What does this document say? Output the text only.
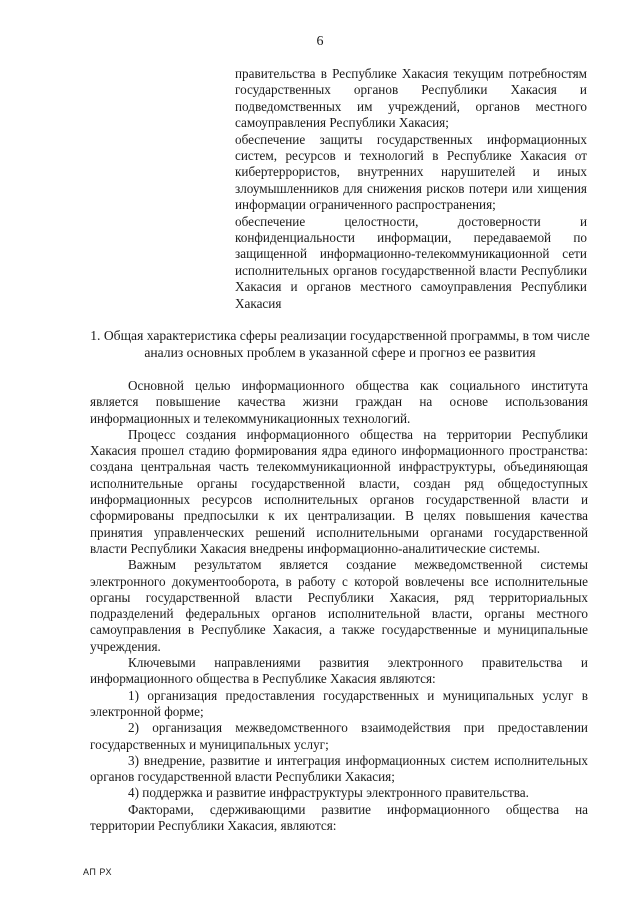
6

правительства в Республике Хакасия текущим потребностям государственных органов Республики Хакасия и подведомственных им учреждений, органов местного самоуправления Республики Хакасия;

обеспечение защиты государственных информационных систем, ресурсов и технологий в Республике Хакасия от кибертеррористов, внутренних нарушителей и иных злоумышленников для снижения рисков потери или хищения информации ограниченного распространения;

обеспечение целостности, достоверности и конфиденциальности информации, передаваемой по защищенной информационно-телекоммуникационной сети исполнительных органов государственной власти Республики Хакасия и органов местного самоуправления Республики Хакасия

1. Общая характеристика сферы реализации государственной программы, в том числе анализ основных проблем в указанной сфере и прогноз ее развития

Основной целью информационного общества как социального института является повышение качества жизни граждан на основе использования информационных и телекоммуникационных технологий.

Процесс создания информационного общества на территории Республики Хакасия прошел стадию формирования ядра единого информационного пространства: создана центральная часть телекоммуникационной инфраструктуры, объединяющая исполнительные органы государственной власти, создан ряд общедоступных информационных ресурсов исполнительных органов государственной власти и сформированы предпосылки к их централизации. В целях повышения качества принятия управленческих решений исполнительными органами государственной власти Республики Хакасия внедрены информационно-аналитические системы.

Важным результатом является создание межведомственной системы электронного документооборота, в работу с которой вовлечены все исполнительные органы государственной власти Республики Хакасия, ряд территориальных подразделений федеральных органов исполнительной власти, органы местного самоуправления в Республике Хакасия, а также государственные и муниципальные учреждения.

Ключевыми направлениями развития электронного правительства и информационного общества в Республике Хакасия являются:

1) организация предоставления государственных и муниципальных услуг в электронной форме;

2) организация межведомственного взаимодействия при предоставлении государственных и муниципальных услуг;

3) внедрение, развитие и интеграция информационных систем исполнительных органов государственной власти Республики Хакасия;

4) поддержка и развитие инфраструктуры электронного правительства.

Факторами, сдерживающими развитие информационного общества на территории Республики Хакасия, являются:

АП РХ
